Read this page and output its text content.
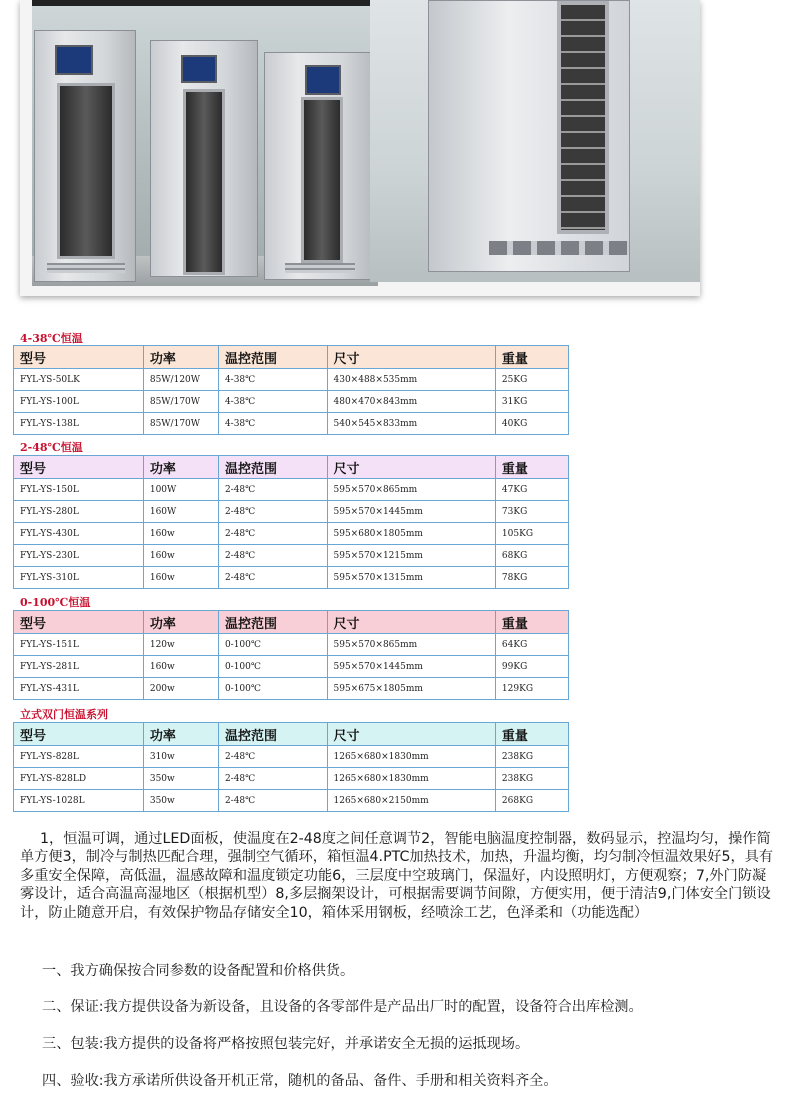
4-38℃恒温
型号	功率	温控范围	尺寸	重量
FYL-YS-50LK	85W/120W	4-38℃	430×488×535mm	25KG
FYL-YS-100L	85W/170W	4-38℃	480×470×843mm	31KG
FYL-YS-138L	85W/170W	4-38℃	540×545×833mm	40KG
2-48℃恒温
型号	功率	温控范围	尺寸	重量
FYL-YS-150L	100W	2-48℃	595×570×865mm	47KG
FYL-YS-280L	160W	2-48℃	595×570×1445mm	73KG
FYL-YS-430L	160w	2-48℃	595×680×1805mm	105KG
FYL-YS-230L	160w	2-48℃	595×570×1215mm	68KG
FYL-YS-310L	160w	2-48℃	595×570×1315mm	78KG
0-100℃恒温
型号	功率	温控范围	尺寸	重量
FYL-YS-151L	120w	0-100℃	595×570×865mm	64KG
FYL-YS-281L	160w	0-100℃	595×570×1445mm	99KG
FYL-YS-431L	200w	0-100℃	595×675×1805mm	129KG
立式双门恒温系列
型号	功率	温控范围	尺寸	重量
FYL-YS-828L	310w	2-48℃	1265×680×1830mm	238KG
FYL-YS-828LD	350w	2-48℃	1265×680×1830mm	238KG
FYL-YS-1028L	350w	2-48℃	1265×680×2150mm	268KG

1，恒温可调，通过LED面板，使温度在2-48度之间任意调节2，智能电脑温度控制器，数码显示，控温均匀，操作简单方便3，制冷与制热匹配合理，强制空气循环，箱恒温4.PTC加热技术，加热，升温均衡，均匀制冷恒温效果好5，具有多重安全保障，高低温，温感故障和温度锁定功能6，三层度中空玻璃门，保温好，内设照明灯，方便观察；7,外门防凝雾设计，适合高温高湿地区（根据机型）8,多层搁架设计，可根据需要调节间隙，方便实用，便于清洁9,门体安全门锁设计，防止随意开启，有效保护物品存储安全10，箱体采用钢板，经喷涂工艺，色泽柔和（功能选配）

一、我方确保按合同参数的设备配置和价格供货。
二、保证:我方提供设备为新设备，且设备的各零部件是产品出厂时的配置，设备符合出库检测。
三、包装:我方提供的设备将严格按照包装完好，并承诺安全无损的运抵现场。
四、验收:我方承诺所供设备开机正常，随机的备品、备件、手册和相关资料齐全。
